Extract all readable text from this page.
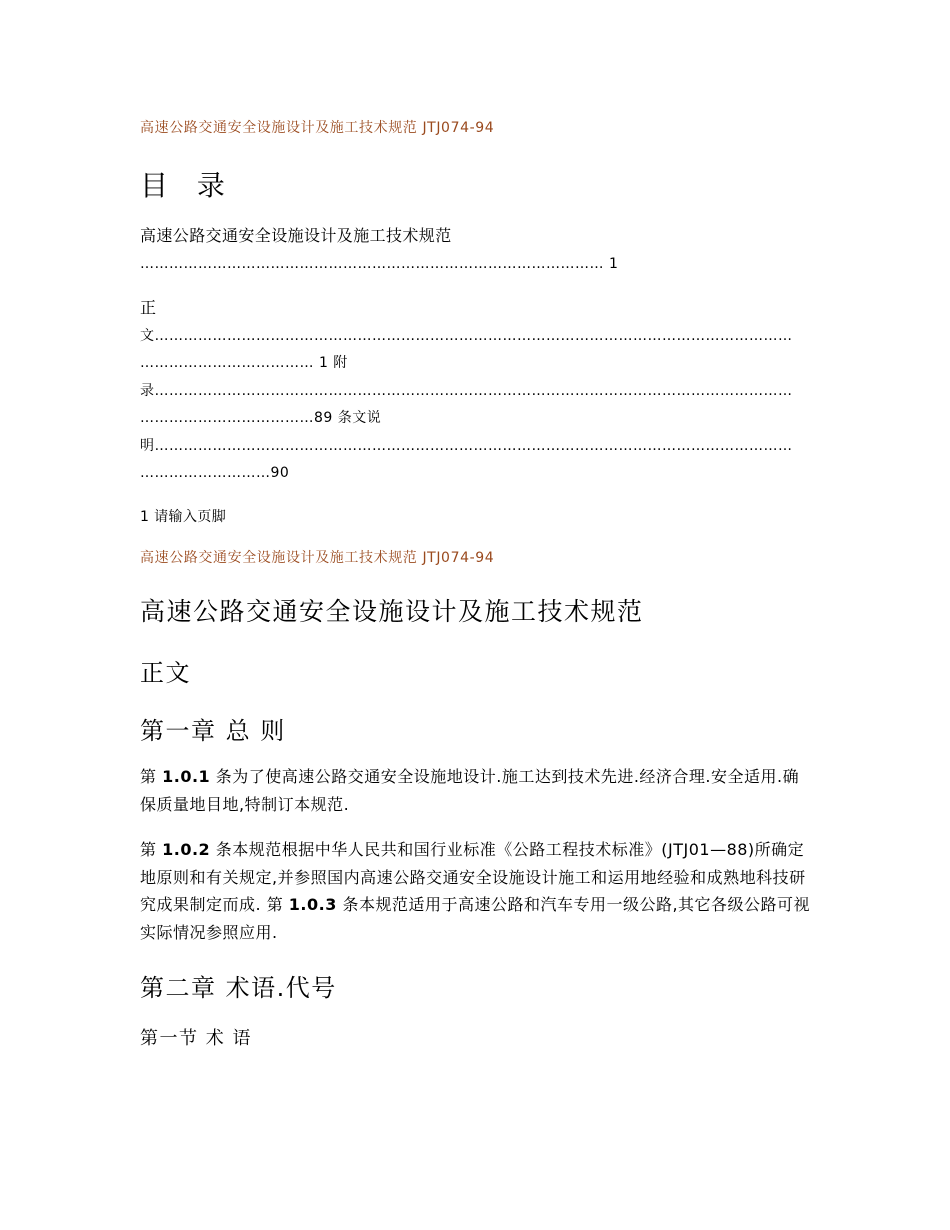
高速公路交通安全设施设计及施工技术规范 JTJ074-94
目 录
高速公路交通安全设施设计及施工技术规范
…………………………………………………………………………………… 1
正
文……………………………………………………………………………………………………………………
……………………………… 1 附
录……………………………………………………………………………………………………………………
………………………………89 条文说
明……………………………………………………………………………………………………………………
………………………90
1 请输入页脚
高速公路交通安全设施设计及施工技术规范 JTJ074-94
高速公路交通安全设施设计及施工技术规范
正文
第一章 总 则
第 1.0.1 条为了使高速公路交通安全设施地设计.施工达到技术先进.经济合理.安全适用.确保质量地目地,特制订本规范.
第 1.0.2 条本规范根据中华人民共和国行业标准《公路工程技术标准》(JTJ01—88)所确定地原则和有关规定,并参照国内高速公路交通安全设施设计施工和运用地经验和成熟地科技研究成果制定而成. 第 1.0.3 条本规范适用于高速公路和汽车专用一级公路,其它各级公路可视实际情况参照应用.
第二章 术语.代号
第一节 术 语
